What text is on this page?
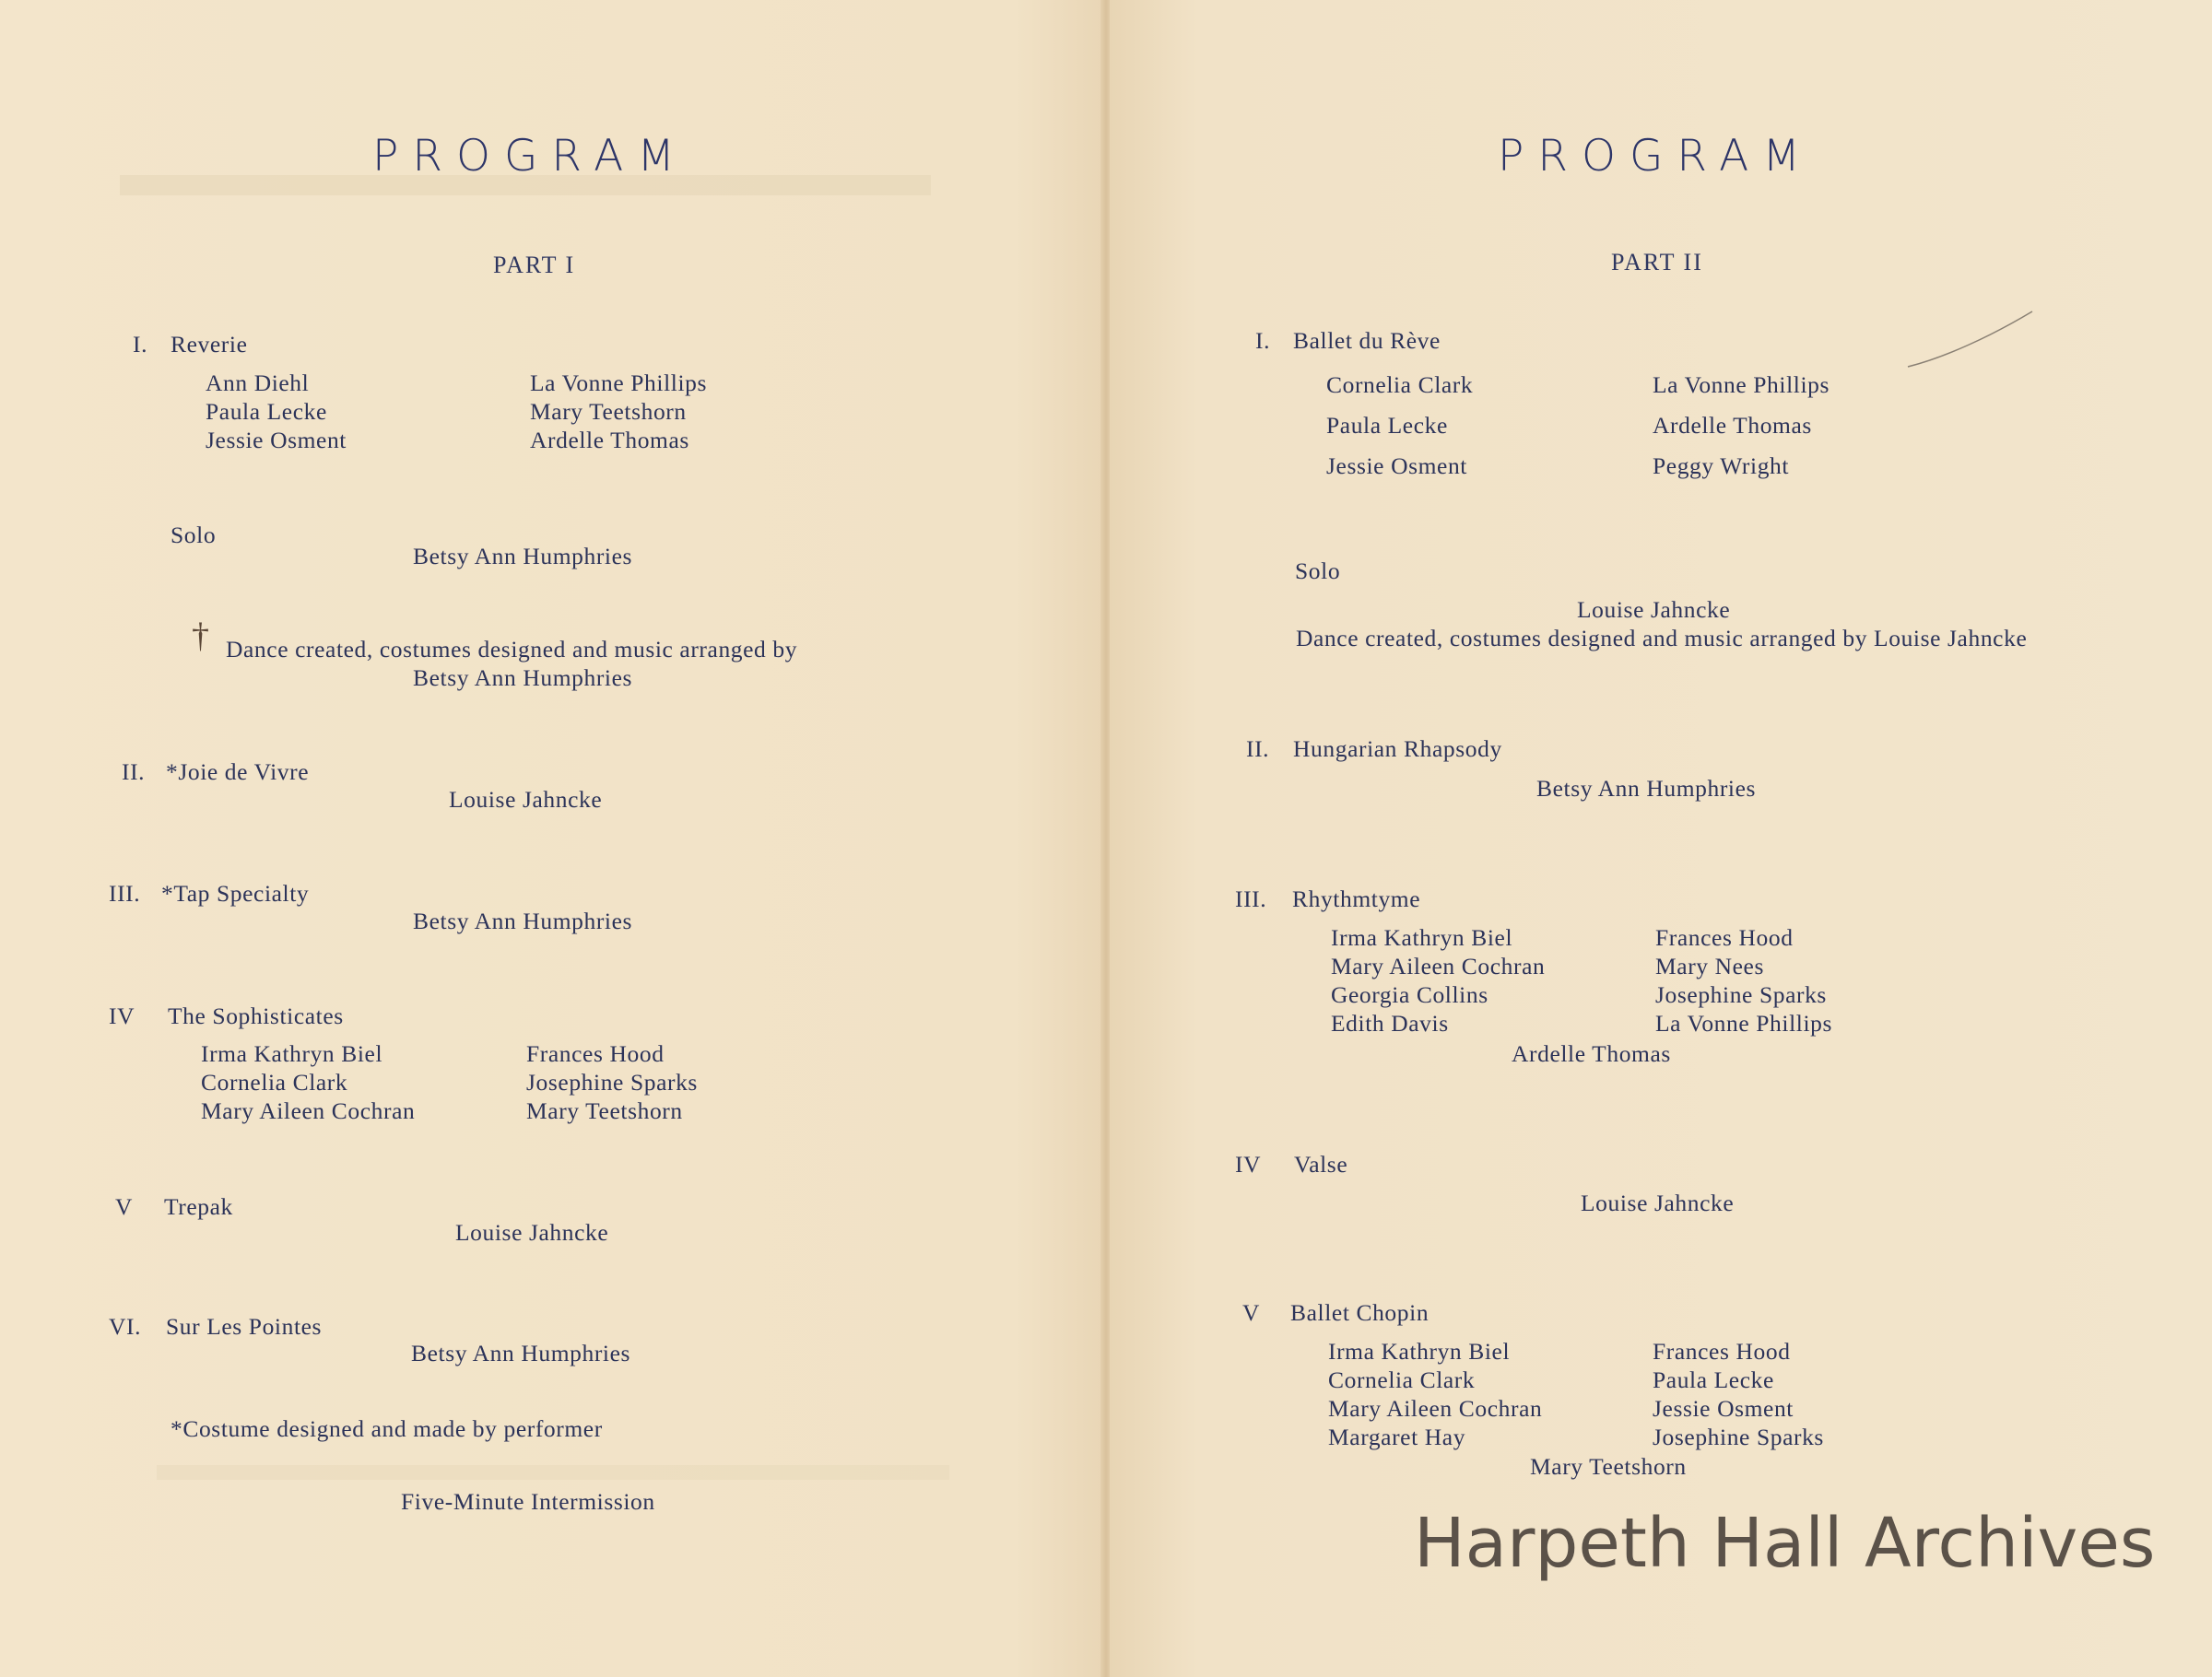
PROGRAM
PART I
I. Reverie
Ann Diehl	La Vonne Phillips
Paula Lecke	Mary Teetshorn
Jessie Osment	Ardelle Thomas
Solo
Betsy Ann Humphries
† Dance created, costumes designed and music arranged by
Betsy Ann Humphries
II. *Joie de Vivre
Louise Jahncke
III. *Tap Specialty
Betsy Ann Humphries
IV The Sophisticates
Irma Kathryn Biel	Frances Hood
Cornelia Clark	Josephine Sparks
Mary Aileen Cochran	Mary Teetshorn
V Trepak
Louise Jahncke
VI. Sur Les Pointes
Betsy Ann Humphries
*Costume designed and made by performer
Five-Minute Intermission
PROGRAM
PART II
I. Ballet du Rève
Cornelia Clark	La Vonne Phillips
Paula Lecke	Ardelle Thomas
Jessie Osment	Peggy Wright
Solo
Louise Jahncke
Dance created, costumes designed and music arranged by Louise Jahncke
II. Hungarian Rhapsody
Betsy Ann Humphries
III. Rhythmtyme
Irma Kathryn Biel	Frances Hood
Mary Aileen Cochran	Mary Nees
Georgia Collins	Josephine Sparks
Edith Davis	La Vonne Phillips
Ardelle Thomas
IV Valse
Louise Jahncke
V Ballet Chopin
Irma Kathryn Biel	Frances Hood
Cornelia Clark	Paula Lecke
Mary Aileen Cochran	Jessie Osment
Margaret Hay	Josephine Sparks
Mary Teetshorn
Harpeth Hall Archives
